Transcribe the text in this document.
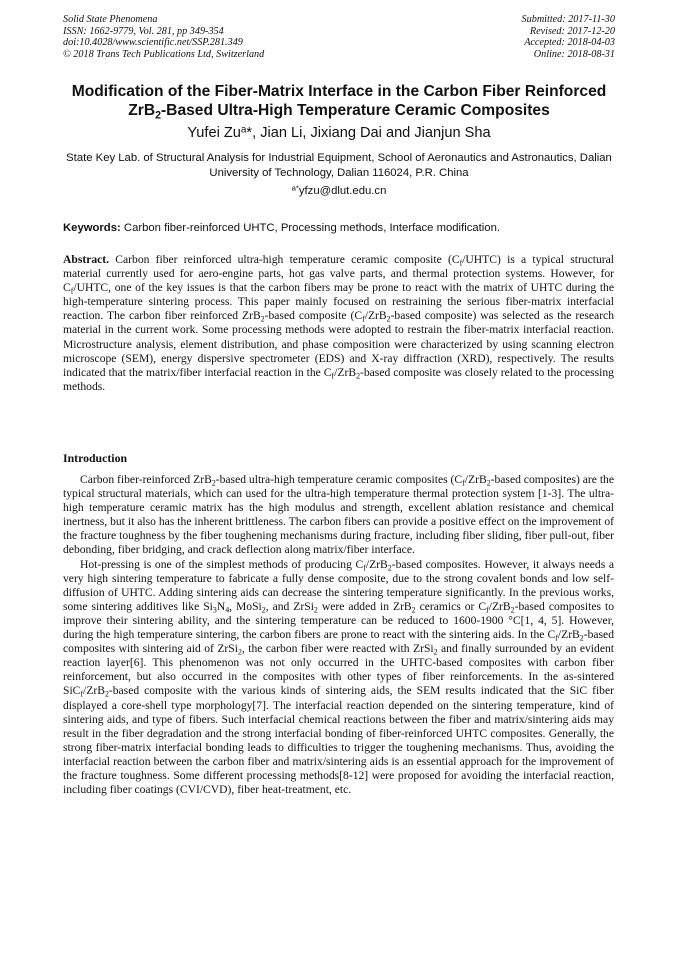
Solid State Phenomena
ISSN: 1662-9779, Vol. 281, pp 349-354
doi:10.4028/www.scientific.net/SSP.281.349
© 2018 Trans Tech Publications Ltd, Switzerland
Submitted: 2017-11-30
Revised: 2017-12-20
Accepted: 2018-04-03
Online: 2018-08-31
Modification of the Fiber-Matrix Interface in the Carbon Fiber Reinforced
ZrB$_2$-Based Ultra-High Temperature Ceramic Composites
Yufei Zu$^a$*, Jian Li, Jixiang Dai and Jianjun Sha
State Key Lab. of Structural Analysis for Industrial Equipment, School of Aeronautics and Astronautics, Dalian University of Technology, Dalian 116024, P.R. China
$^{a*}$yfzu@dlut.edu.cn
Keywords: Carbon fiber-reinforced UHTC, Processing methods, Interface modification.
Abstract. Carbon fiber reinforced ultra-high temperature ceramic composite $(C_f/UHTC)$ is a typical structural material currently used for aero-engine parts, hot gas valve parts, and thermal protection systems. However, for $C_f$/UHTC, one of the key issues is that the carbon fibers may be prone to react with the matrix of UHTC during the high-temperature sintering process. This paper mainly focused on restraining the serious fiber-matrix interfacial reaction. The carbon fiber reinforced ZrB$_2$-based composite ($C_f/ZrB_2$-based composite) was selected as the research material in the current work. Some processing methods were adopted to restrain the fiber-matrix interfacial reaction. Microstructure analysis, element distribution, and phase composition were characterized by using scanning electron microscope (SEM), energy dispersive spectrometer (EDS) and X-ray diffraction (XRD), respectively. The results indicated that the matrix/fiber interfacial reaction in the $C_f/ZrB_2$-based composite was closely related to the processing methods.
Introduction

Carbon fiber-reinforced ZrB$_2$-based ultra-high temperature ceramic composites ($C_f/ZrB_2$-based composites) are the typical structural materials, which can used for the ultra-high temperature thermal protection system [1-3]. The ultra-high temperature ceramic matrix has the high modulus and strength, excellent ablation resistance and chemical inertness, but it also has the inherent brittleness. The carbon fibers can provide a positive effect on the improvement of the fracture toughness by the fiber toughening mechanisms during fracture, including fiber sliding, fiber pull-out, fiber debonding, fiber bridging, and crack deflection along matrix/fiber interface.

Hot-pressing is one of the simplest methods of producing $C_f/ZrB_2$-based composites. However, it always needs a very high sintering temperature to fabricate a fully dense composite, due to the strong covalent bonds and low self-diffusion of UHTC. Adding sintering aids can decrease the sintering temperature significantly. In the previous works, some sintering additives like $Si_3N_4$, MoSi$_2$, and ZrSi$_2$ were added in ZrB$_2$ ceramics or $C_f/ZrB_2$-based composites to improve their sintering ability, and the sintering temperature can be reduced to 1600-1900 °C[1, 4, 5]. However, during the high temperature sintering, the carbon fibers are prone to react with the sintering aids. In the $C_f/ZrB_2$-based composites with sintering aid of ZrSi$_2$, the carbon fiber were reacted with ZrSi$_2$ and finally surrounded by an evident reaction layer[6]. This phenomenon was not only occurred in the UHTC-based composites with carbon fiber reinforcement, but also occurred in the composites with other types of fiber reinforcements. In the as-sintered SiC$_f$/ZrB$_2$-based composite with the various kinds of sintering aids, the SEM results indicated that the SiC fiber displayed a core-shell type morphology[7]. The interfacial reaction depended on the sintering temperature, kind of sintering aids, and type of fibers. Such interfacial chemical reactions between the fiber and matrix/sintering aids may result in the fiber degradation and the strong interfacial bonding of fiber-reinforced UHTC composites. Generally, the strong fiber-matrix interfacial bonding leads to difficulties to trigger the toughening mechanisms. Thus, avoiding the interfacial reaction between the carbon fiber and matrix/sintering aids is an essential approach for the improvement of the fracture toughness. Some different processing methods[8-12] were proposed for avoiding the interfacial reaction, including fiber coatings (CVI/CVD), fiber heat-treatment, etc.
